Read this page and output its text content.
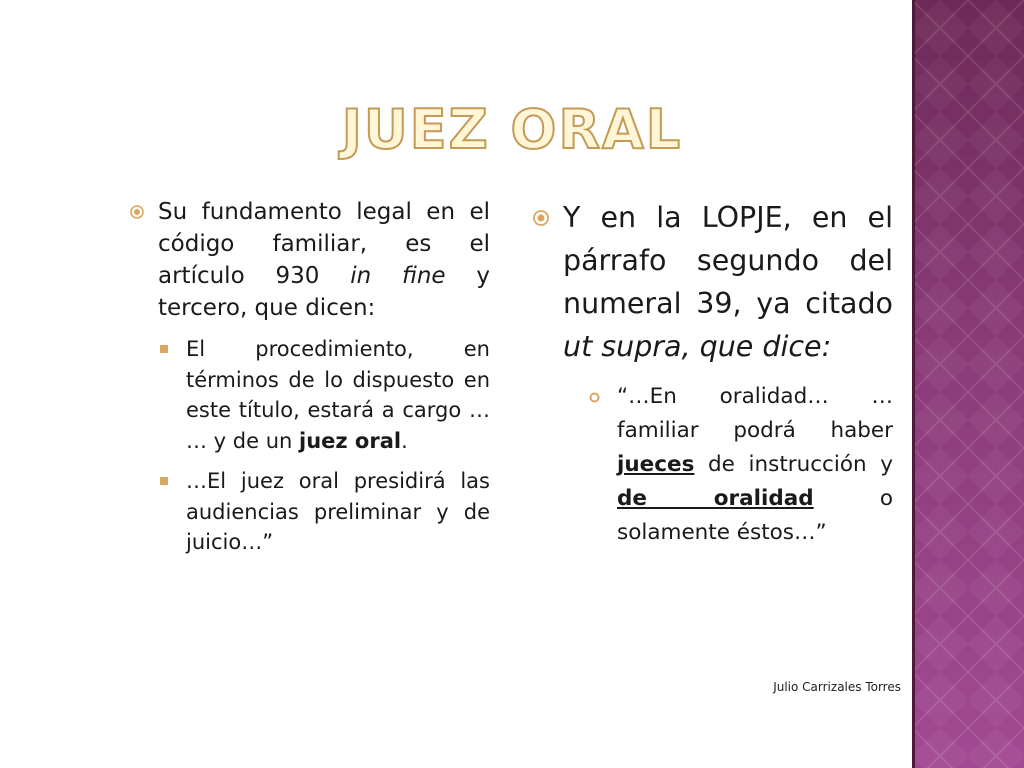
JUEZ ORAL
Su fundamento legal en el código familiar, es el artículo 930 in fine y tercero, que dicen:
El procedimiento, en términos de lo dispuesto en este título, estará a cargo … … y de un juez oral.
…El juez oral presidirá las audiencias preliminar y de juicio…”
Y en la LOPJE, en el párrafo segundo del numeral 39, ya citado ut supra, que dice:
“…En oralidad… …familiar podrá haber jueces de instrucción y de oralidad o solamente éstos…”
Julio Carrizales Torres
